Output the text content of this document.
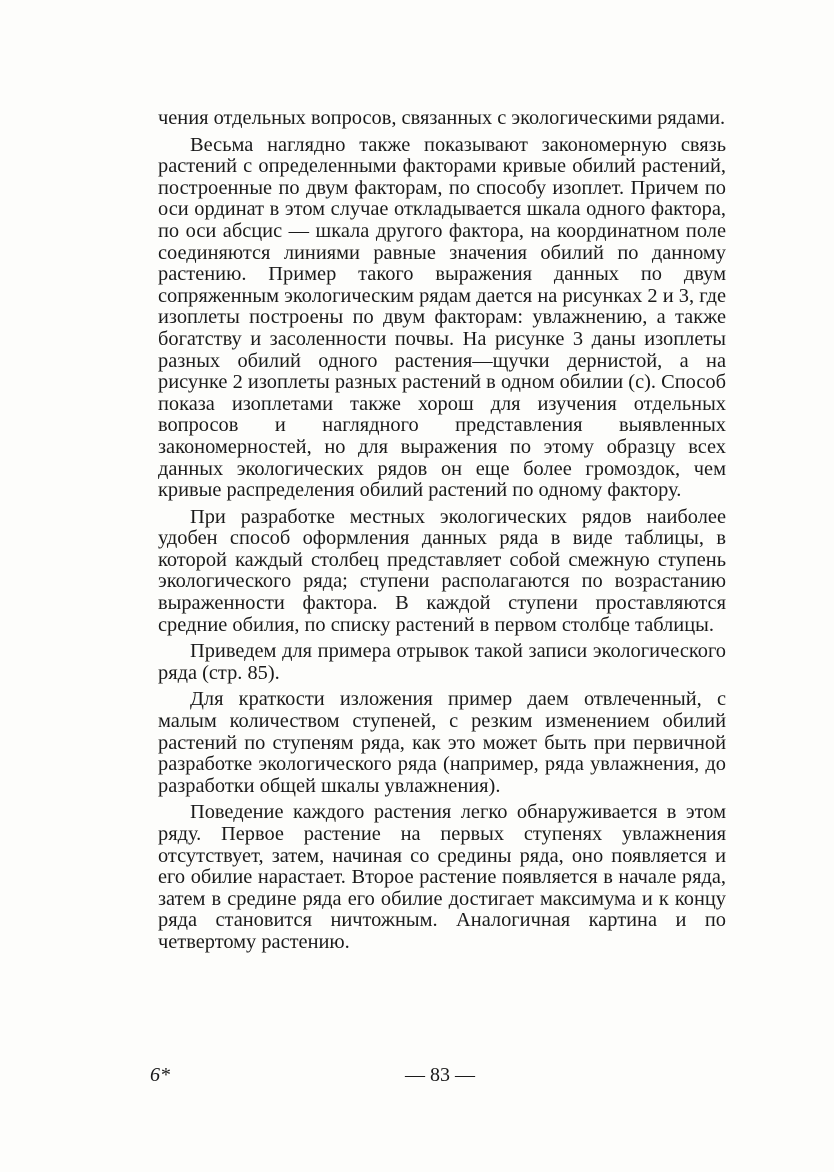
чения отдельных вопросов, связанных с экологическими рядами.

Весьма наглядно также показывают закономерную связь растений с определенными факторами кривые обилий растений, построенные по двум факторам, по способу изоплет. Причем по оси ординат в этом случае откладывается шкала одного фактора, по оси абсцис — шкала другого фактора, на координатном поле соединяются линиями равные значения обилий по данному растению. Пример такого выражения данных по двум сопряженным экологическим рядам дается на рисунках 2 и 3, где изоплеты построены по двум факторам: увлажнению, а также богатству и засоленности почвы. На рисунке 3 даны изоплеты разных обилий одного растения—щучки дернистой, а на рисунке 2 изоплеты разных растений в одном обилии (с). Способ показа изоплетами также хорош для изучения отдельных вопросов и наглядного представления выявленных закономерностей, но для выражения по этому образцу всех данных экологических рядов он еще более громоздок, чем кривые распределения обилий растений по одному фактору.

При разработке местных экологических рядов наиболее удобен способ оформления данных ряда в виде таблицы, в которой каждый столбец представляет собой смежную ступень экологического ряда; ступени располагаются по возрастанию выраженности фактора. В каждой ступени проставляются средние обилия, по списку растений в первом столбце таблицы.

Приведем для примера отрывок такой записи экологического ряда (стр. 85).

Для краткости изложения пример даем отвлеченный, с малым количеством ступеней, с резким изменением обилий растений по ступеням ряда, как это может быть при первичной разработке экологического ряда (например, ряда увлажнения, до разработки общей шкалы увлажнения).

Поведение каждого растения легко обнаруживается в этом ряду. Первое растение на первых ступенях увлажнения отсутствует, затем, начиная со средины ряда, оно появляется и его обилие нарастает. Второе растение появляется в начале ряда, затем в средине ряда его обилие достигает максимума и к концу ряда становится ничтожным. Аналогичная картина и по четвертому растению.

6*	— 83 —
